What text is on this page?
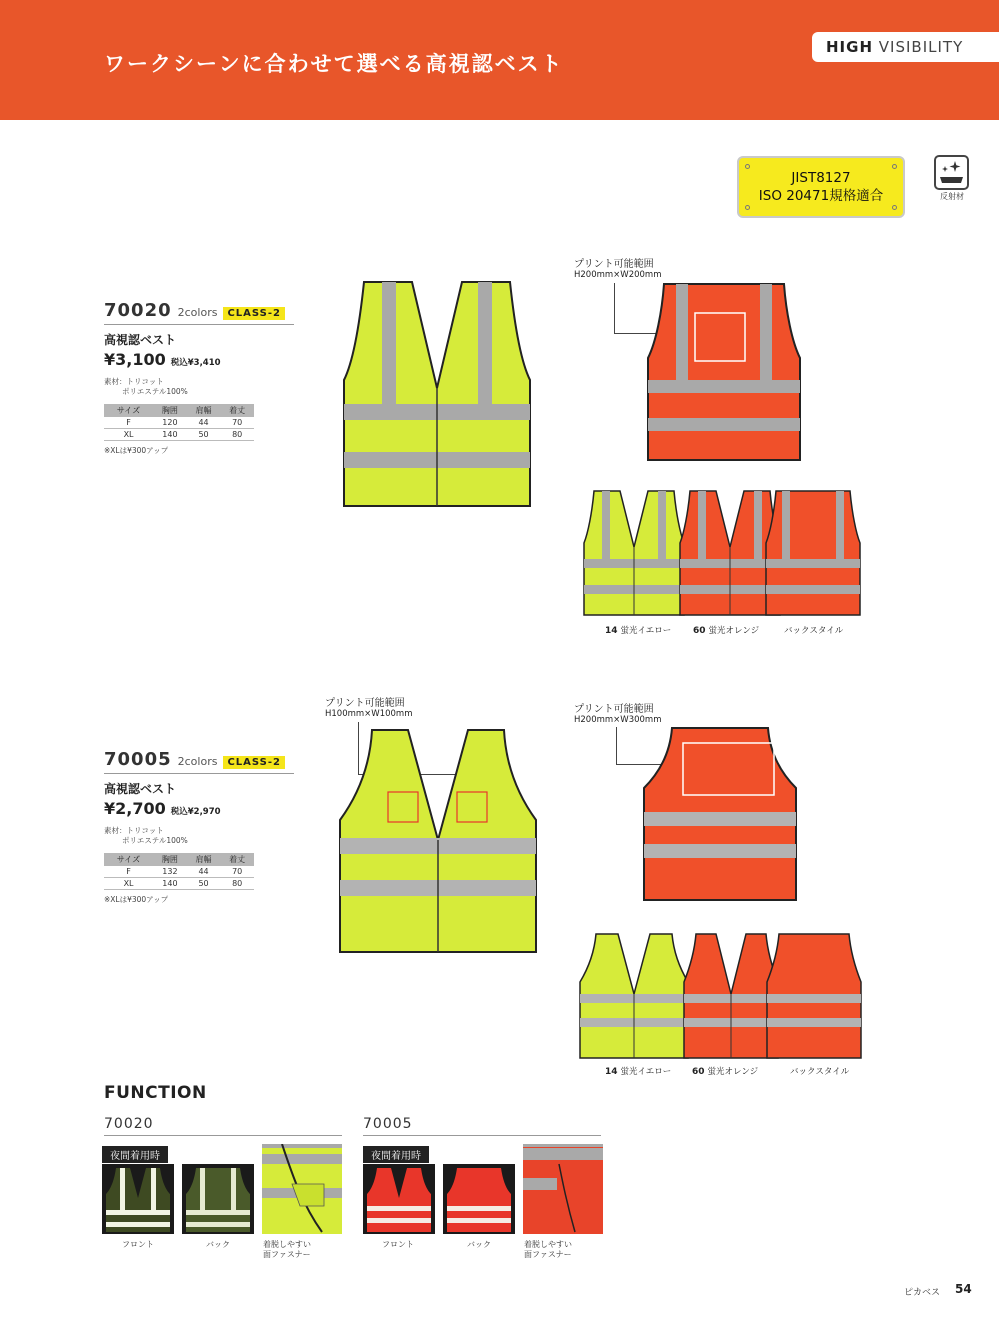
ワークシーンに合わせて選べる高視認ベスト
HIGH VISIBILITY
JIST8127
ISO 20471規格適合	反射材
70020 2colors	CLASS-2
高視認ベスト
¥3,100 税込¥3,410
素材：トリコット
ポリエステル100%
サイズ	胸囲	肩幅	着丈
F	120	44	70
XL	140	50	80
※XLは¥300アップ
プリント可能範囲
H200mm×W200mm
14 蛍光イエロー 60 蛍光オレンジ	バックスタイル
70005 2colors	CLASS-2
高視認ベスト
¥2,700 税込¥2,970
素材：トリコット
ポリエステル100%
サイズ	胸囲	肩幅	着丈
F	132	44	70
XL	140	50	80
※XLは¥300アップ
プリント可能範囲
H100mm×W100mm	プリント可能範囲
H200mm×W300mm
14 蛍光イエロー 60 蛍光オレンジ	バックスタイル
FUNCTION
70020
夜間着用時
フロント	バック	着脱しやすい
面ファスナー
70005
夜間着用時
フロント	バック	着脱しやすい
面ファスナー
ピカベス 54
